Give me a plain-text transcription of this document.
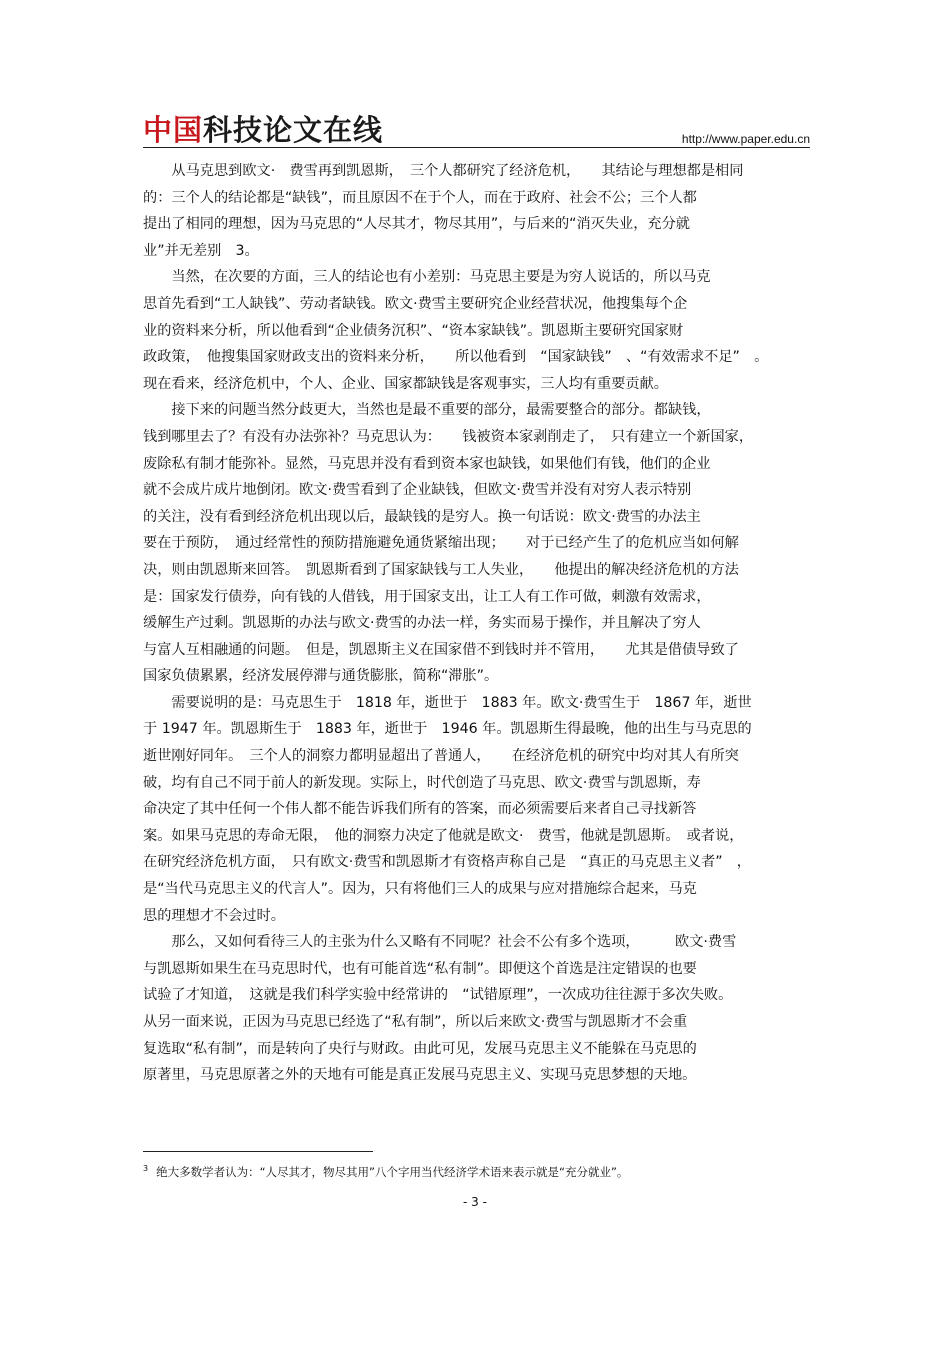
中国科技论文在线	http://www.paper.edu.cn
　　从马克思到欧文·　费雪再到凯恩斯，　三个人都研究了经济危机，　　其结论与理想都是相同
的：三个人的结论都是“缺钱”，而且原因不在于个人，而在于政府、社会不公；三个人都
提出了相同的理想，因为马克思的“人尽其才，物尽其用”，与后来的“消灭失业，充分就
业”并无差别　3。
　　当然，在次要的方面，三人的结论也有小差别：马克思主要是为穷人说话的，所以马克
思首先看到“工人缺钱”、劳动者缺钱。欧文·费雪主要研究企业经营状况，他搜集每个企
业的资料来分析，所以他看到“企业债务沉积”、“资本家缺钱”。凯恩斯主要研究国家财
政政策，　他搜集国家财政支出的资料来分析，　　所以他看到　“国家缺钱”　、“有效需求不足”　。
现在看来，经济危机中，个人、企业、国家都缺钱是客观事实，三人均有重要贡献。
　　接下来的问题当然分歧更大，当然也是最不重要的部分，最需要整合的部分。都缺钱，
钱到哪里去了？有没有办法弥补？马克思认为：　　钱被资本家剥削走了，　只有建立一个新国家，
废除私有制才能弥补。显然，马克思并没有看到资本家也缺钱，如果他们有钱，他们的企业
就不会成片成片地倒闭。欧文·费雪看到了企业缺钱，但欧文·费雪并没有对穷人表示特别
的关注，没有看到经济危机出现以后，最缺钱的是穷人。换一句话说：欧文·费雪的办法主
要在于预防，　通过经常性的预防措施避免通货紧缩出现；　　对于已经产生了的危机应当如何解
决，则由凯恩斯来回答。　凯恩斯看到了国家缺钱与工人失业，　　他提出的解决经济危机的方法
是：国家发行债券，向有钱的人借钱，用于国家支出，让工人有工作可做，刺激有效需求，
缓解生产过剩。凯恩斯的办法与欧文·费雪的办法一样，务实而易于操作，并且解决了穷人
与富人互相融通的问题。　但是，凯恩斯主义在国家借不到钱时并不管用，　　尤其是借债导致了
国家负债累累，经济发展停滞与通货膨胀，简称“滞胀”。
　　需要说明的是：马克思生于　1818 年，逝世于　1883 年。欧文·费雪生于　1867 年，逝世
于 1947 年。凯恩斯生于　1883 年，逝世于　1946 年。凯恩斯生得最晚，他的出生与马克思的
逝世刚好同年。　三个人的洞察力都明显超出了普通人，　　在经济危机的研究中均对其人有所突
破，均有自己不同于前人的新发现。实际上，时代创造了马克思、欧文·费雪与凯恩斯，寿
命决定了其中任何一个伟人都不能告诉我们所有的答案，而必须需要后来者自己寻找新答
案。如果马克思的寿命无限，　他的洞察力决定了他就是欧文·　费雪，他就是凯恩斯。　或者说，
在研究经济危机方面，　只有欧文·费雪和凯恩斯才有资格声称自己是　“真正的马克思主义者”　，
是“当代马克思主义的代言人”。因为，只有将他们三人的成果与应对措施综合起来，马克
思的理想才不会过时。
　　那么，又如何看待三人的主张为什么又略有不同呢？社会不公有多个选项，　　　欧文·费雪
与凯恩斯如果生在马克思时代，也有可能首选“私有制”。即便这个首选是注定错误的也要
试验了才知道，　这就是我们科学实验中经常讲的　“试错原理”，一次成功往往源于多次失败。
从另一面来说，正因为马克思已经选了“私有制”，所以后来欧文·费雪与凯恩斯才不会重
复选取“私有制”，而是转向了央行与财政。由此可见，发展马克思主义不能躲在马克思的
原著里，马克思原著之外的天地有可能是真正发展马克思主义、实现马克思梦想的天地。
$^3$ 绝大多数学者认为：“人尽其才，物尽其用”八个字用当代经济学术语来表示就是“充分就业”。
- 3 -
